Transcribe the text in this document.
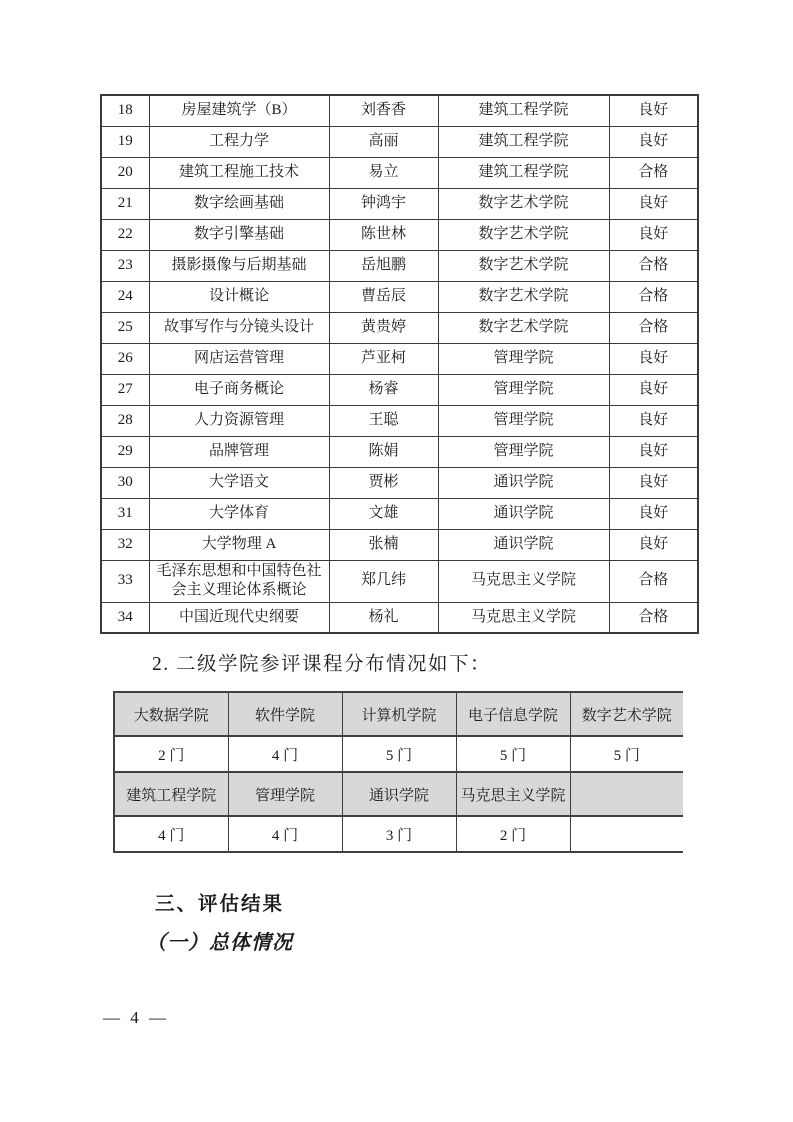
18	房屋建筑学（B）	刘香香	建筑工程学院	良好
19	工程力学	高丽	建筑工程学院	良好
20	建筑工程施工技术	易立	建筑工程学院	合格
21	数字绘画基础	钟鸿宇	数字艺术学院	良好
22	数字引擎基础	陈世林	数字艺术学院	良好
23	摄影摄像与后期基础	岳旭鹏	数字艺术学院	合格
24	设计概论	曹岳辰	数字艺术学院	合格
25	故事写作与分镜头设计	黄贵婷	数字艺术学院	合格
26	网店运营管理	芦亚柯	管理学院	良好
27	电子商务概论	杨睿	管理学院	良好
28	人力资源管理	王聪	管理学院	良好
29	品牌管理	陈娟	管理学院	良好
30	大学语文	贾彬	通识学院	良好
31	大学体育	文雄	通识学院	良好
32	大学物理 A	张楠	通识学院	良好
33	毛泽东思想和中国特色社会主义理论体系概论	郑几纬	马克思主义学院	合格
34	中国近现代史纲要	杨礼	马克思主义学院	合格
2. 二级学院参评课程分布情况如下：
大数据学院	软件学院	计算机学院	电子信息学院	数字艺术学院
2 门	4 门	5 门	5 门	5 门
建筑工程学院	管理学院	通识学院	马克思主义学院	
4 门	4 门	3 门	2 门	
三、评估结果
（一）总体情况
— 4 —
